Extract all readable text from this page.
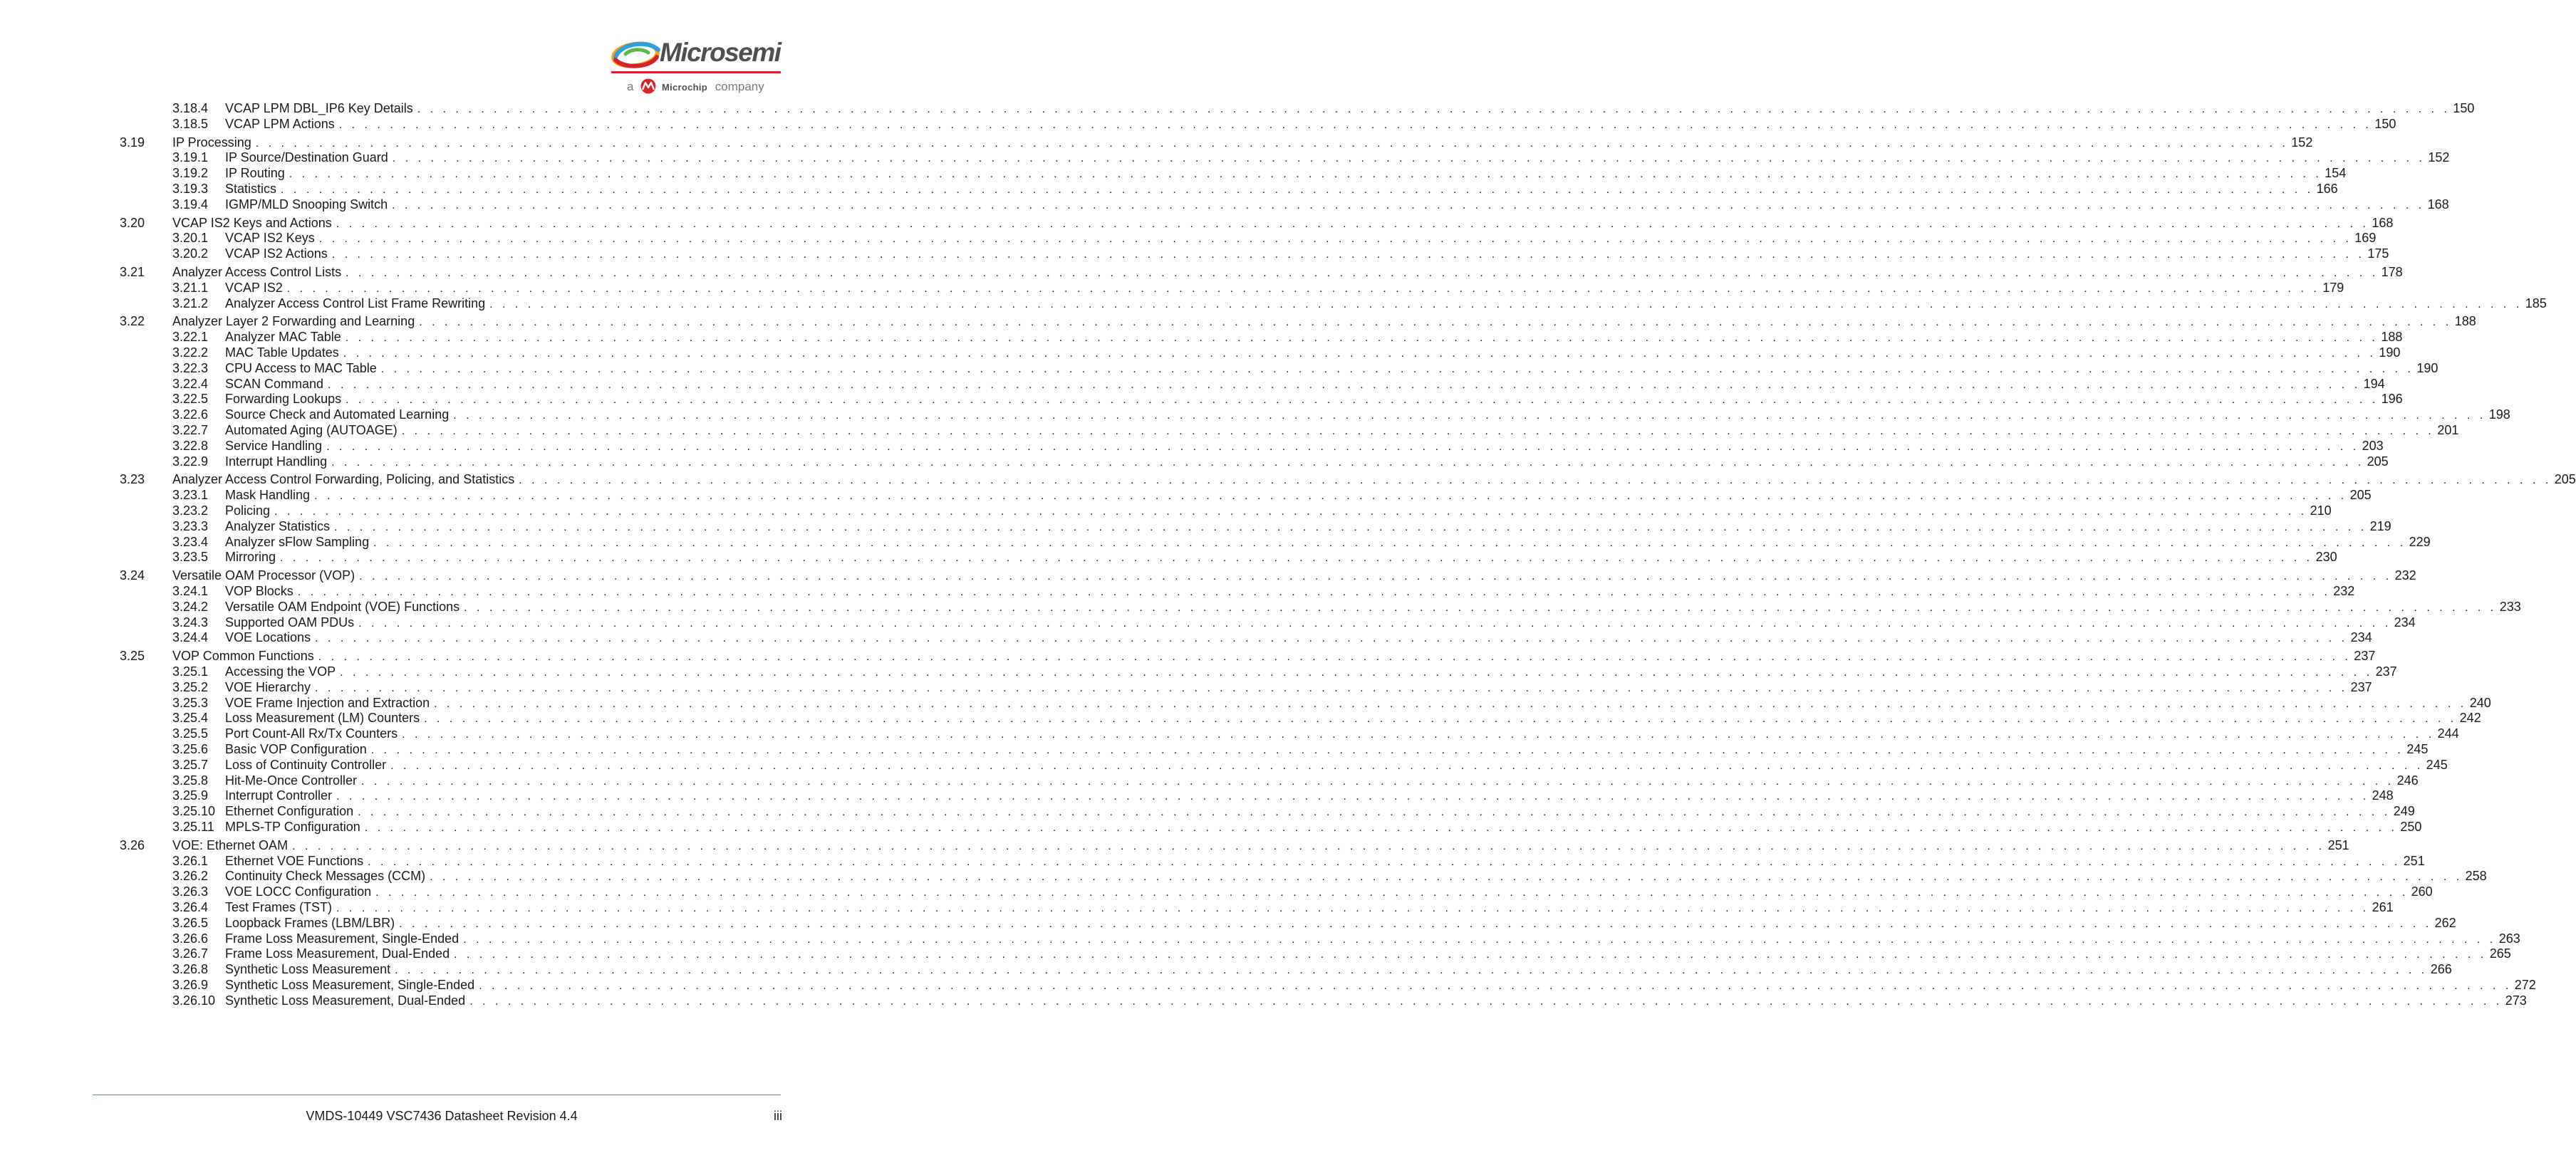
Microsemi
a	Microchip company
3.18.4 VCAP LPM DBL_IP6 Key Details . . . . . . . . . . . . . . . . . . . . . . . . . . . . . . . . . . . . . . . . . . . . . . . . . . . . . . . . . . . . . . . . . . . . . . . . . . . . . . . . . . . . . . . . . . . . . . . . . . . . . . . . . . . . . . . . . . . . . . . . . . . . . . . . . . . . . . . . . . . . . . . . . . . . . . . . . . . . . . . . 150
3.18.5 VCAP LPM Actions . . . . . . . . . . . . . . . . . . . . . . . . . . . . . . . . . . . . . . . . . . . . . . . . . . . . . . . . . . . . . . . . . . . . . . . . . . . . . . . . . . . . . . . . . . . . . . . . . . . . . . . . . . . . . . . . . . . . . . . . . . . . . . . . . . . . . . . . . . . . . . . . . . . . . . . . . . . . . . . . 150
3.19 IP Processing . . . . . . . . . . . . . . . . . . . . . . . . . . . . . . . . . . . . . . . . . . . . . . . . . . . . . . . . . . . . . . . . . . . . . . . . . . . . . . . . . . . . . . . . . . . . . . . . . . . . . . . . . . . . . . . . . . . . . . . . . . . . . . . . . . . . . . . . . . . . . . . . . . . . . . . . . . . . . . . . 152
3.19.1 IP Source/Destination Guard . . . . . . . . . . . . . . . . . . . . . . . . . . . . . . . . . . . . . . . . . . . . . . . . . . . . . . . . . . . . . . . . . . . . . . . . . . . . . . . . . . . . . . . . . . . . . . . . . . . . . . . . . . . . . . . . . . . . . . . . . . . . . . . . . . . . . . . . . . . . . . . . . . . . . . . . . . . . . . . . 152
3.19.2 IP Routing . . . . . . . . . . . . . . . . . . . . . . . . . . . . . . . . . . . . . . . . . . . . . . . . . . . . . . . . . . . . . . . . . . . . . . . . . . . . . . . . . . . . . . . . . . . . . . . . . . . . . . . . . . . . . . . . . . . . . . . . . . . . . . . . . . . . . . . . . . . . . . . . . . . . . . . . . . . . . . . . 154
3.19.3 Statistics . . . . . . . . . . . . . . . . . . . . . . . . . . . . . . . . . . . . . . . . . . . . . . . . . . . . . . . . . . . . . . . . . . . . . . . . . . . . . . . . . . . . . . . . . . . . . . . . . . . . . . . . . . . . . . . . . . . . . . . . . . . . . . . . . . . . . . . . . . . . . . . . . . . . . . . . . . . . . . . . 166
3.19.4 IGMP/MLD Snooping Switch . . . . . . . . . . . . . . . . . . . . . . . . . . . . . . . . . . . . . . . . . . . . . . . . . . . . . . . . . . . . . . . . . . . . . . . . . . . . . . . . . . . . . . . . . . . . . . . . . . . . . . . . . . . . . . . . . . . . . . . . . . . . . . . . . . . . . . . . . . . . . . . . . . . . . . . . . . . . . . . . 168
3.20 VCAP IS2 Keys and Actions . . . . . . . . . . . . . . . . . . . . . . . . . . . . . . . . . . . . . . . . . . . . . . . . . . . . . . . . . . . . . . . . . . . . . . . . . . . . . . . . . . . . . . . . . . . . . . . . . . . . . . . . . . . . . . . . . . . . . . . . . . . . . . . . . . . . . . . . . . . . . . . . . . . . . . . . . . . . . . . . 168
3.20.1 VCAP IS2 Keys . . . . . . . . . . . . . . . . . . . . . . . . . . . . . . . . . . . . . . . . . . . . . . . . . . . . . . . . . . . . . . . . . . . . . . . . . . . . . . . . . . . . . . . . . . . . . . . . . . . . . . . . . . . . . . . . . . . . . . . . . . . . . . . . . . . . . . . . . . . . . . . . . . . . . . . . . . . . . . . . 169
3.20.2 VCAP IS2 Actions . . . . . . . . . . . . . . . . . . . . . . . . . . . . . . . . . . . . . . . . . . . . . . . . . . . . . . . . . . . . . . . . . . . . . . . . . . . . . . . . . . . . . . . . . . . . . . . . . . . . . . . . . . . . . . . . . . . . . . . . . . . . . . . . . . . . . . . . . . . . . . . . . . . . . . . . . . . . . . . . 175
3.21 Analyzer Access Control Lists . . . . . . . . . . . . . . . . . . . . . . . . . . . . . . . . . . . . . . . . . . . . . . . . . . . . . . . . . . . . . . . . . . . . . . . . . . . . . . . . . . . . . . . . . . . . . . . . . . . . . . . . . . . . . . . . . . . . . . . . . . . . . . . . . . . . . . . . . . . . . . . . . . . . . . . . . . . . . . . . 178
3.21.1 VCAP IS2 . . . . . . . . . . . . . . . . . . . . . . . . . . . . . . . . . . . . . . . . . . . . . . . . . . . . . . . . . . . . . . . . . . . . . . . . . . . . . . . . . . . . . . . . . . . . . . . . . . . . . . . . . . . . . . . . . . . . . . . . . . . . . . . . . . . . . . . . . . . . . . . . . . . . . . . . . . . . . . . . 179
3.21.2 Analyzer Access Control List Frame Rewriting . . . . . . . . . . . . . . . . . . . . . . . . . . . . . . . . . . . . . . . . . . . . . . . . . . . . . . . . . . . . . . . . . . . . . . . . . . . . . . . . . . . . . . . . . . . . . . . . . . . . . . . . . . . . . . . . . . . . . . . . . . . . . . . . . . . . . . . . . . . . . . . . . . . . . . . . . . . . . . . . 185
3.22 Analyzer Layer 2 Forwarding and Learning . . . . . . . . . . . . . . . . . . . . . . . . . . . . . . . . . . . . . . . . . . . . . . . . . . . . . . . . . . . . . . . . . . . . . . . . . . . . . . . . . . . . . . . . . . . . . . . . . . . . . . . . . . . . . . . . . . . . . . . . . . . . . . . . . . . . . . . . . . . . . . . . . . . . . . . . . . . . . . . . 188
3.22.1 Analyzer MAC Table . . . . . . . . . . . . . . . . . . . . . . . . . . . . . . . . . . . . . . . . . . . . . . . . . . . . . . . . . . . . . . . . . . . . . . . . . . . . . . . . . . . . . . . . . . . . . . . . . . . . . . . . . . . . . . . . . . . . . . . . . . . . . . . . . . . . . . . . . . . . . . . . . . . . . . . . . . . . . . . . 188
3.22.2 MAC Table Updates . . . . . . . . . . . . . . . . . . . . . . . . . . . . . . . . . . . . . . . . . . . . . . . . . . . . . . . . . . . . . . . . . . . . . . . . . . . . . . . . . . . . . . . . . . . . . . . . . . . . . . . . . . . . . . . . . . . . . . . . . . . . . . . . . . . . . . . . . . . . . . . . . . . . . . . . . . . . . . . . 190
3.22.3 CPU Access to MAC Table . . . . . . . . . . . . . . . . . . . . . . . . . . . . . . . . . . . . . . . . . . . . . . . . . . . . . . . . . . . . . . . . . . . . . . . . . . . . . . . . . . . . . . . . . . . . . . . . . . . . . . . . . . . . . . . . . . . . . . . . . . . . . . . . . . . . . . . . . . . . . . . . . . . . . . . . . . . . . . . . 190
3.22.4 SCAN Command . . . . . . . . . . . . . . . . . . . . . . . . . . . . . . . . . . . . . . . . . . . . . . . . . . . . . . . . . . . . . . . . . . . . . . . . . . . . . . . . . . . . . . . . . . . . . . . . . . . . . . . . . . . . . . . . . . . . . . . . . . . . . . . . . . . . . . . . . . . . . . . . . . . . . . . . . . . . . . . . 194
3.22.5 Forwarding Lookups . . . . . . . . . . . . . . . . . . . . . . . . . . . . . . . . . . . . . . . . . . . . . . . . . . . . . . . . . . . . . . . . . . . . . . . . . . . . . . . . . . . . . . . . . . . . . . . . . . . . . . . . . . . . . . . . . . . . . . . . . . . . . . . . . . . . . . . . . . . . . . . . . . . . . . . . . . . . . . . . 196
3.22.6 Source Check and Automated Learning . . . . . . . . . . . . . . . . . . . . . . . . . . . . . . . . . . . . . . . . . . . . . . . . . . . . . . . . . . . . . . . . . . . . . . . . . . . . . . . . . . . . . . . . . . . . . . . . . . . . . . . . . . . . . . . . . . . . . . . . . . . . . . . . . . . . . . . . . . . . . . . . . . . . . . . . . . . . . . . . 198
3.22.7 Automated Aging (AUTOAGE) . . . . . . . . . . . . . . . . . . . . . . . . . . . . . . . . . . . . . . . . . . . . . . . . . . . . . . . . . . . . . . . . . . . . . . . . . . . . . . . . . . . . . . . . . . . . . . . . . . . . . . . . . . . . . . . . . . . . . . . . . . . . . . . . . . . . . . . . . . . . . . . . . . . . . . . . . . . . . . . . 201
3.22.8 Service Handling . . . . . . . . . . . . . . . . . . . . . . . . . . . . . . . . . . . . . . . . . . . . . . . . . . . . . . . . . . . . . . . . . . . . . . . . . . . . . . . . . . . . . . . . . . . . . . . . . . . . . . . . . . . . . . . . . . . . . . . . . . . . . . . . . . . . . . . . . . . . . . . . . . . . . . . . . . . . . . . . 203
3.22.9 Interrupt Handling . . . . . . . . . . . . . . . . . . . . . . . . . . . . . . . . . . . . . . . . . . . . . . . . . . . . . . . . . . . . . . . . . . . . . . . . . . . . . . . . . . . . . . . . . . . . . . . . . . . . . . . . . . . . . . . . . . . . . . . . . . . . . . . . . . . . . . . . . . . . . . . . . . . . . . . . . . . . . . . . 205
3.23 Analyzer Access Control Forwarding, Policing, and Statistics . . . . . . . . . . . . . . . . . . . . . . . . . . . . . . . . . . . . . . . . . . . . . . . . . . . . . . . . . . . . . . . . . . . . . . . . . . . . . . . . . . . . . . . . . . . . . . . . . . . . . . . . . . . . . . . . . . . . . . . . . . . . . . . . . . . . . . . . . . . . . . . . . . . . . . . . . . . . . . . . 205
3.23.1 Mask Handling . . . . . . . . . . . . . . . . . . . . . . . . . . . . . . . . . . . . . . . . . . . . . . . . . . . . . . . . . . . . . . . . . . . . . . . . . . . . . . . . . . . . . . . . . . . . . . . . . . . . . . . . . . . . . . . . . . . . . . . . . . . . . . . . . . . . . . . . . . . . . . . . . . . . . . . . . . . . . . . . 205
3.23.2 Policing . . . . . . . . . . . . . . . . . . . . . . . . . . . . . . . . . . . . . . . . . . . . . . . . . . . . . . . . . . . . . . . . . . . . . . . . . . . . . . . . . . . . . . . . . . . . . . . . . . . . . . . . . . . . . . . . . . . . . . . . . . . . . . . . . . . . . . . . . . . . . . . . . . . . . . . . . . . . . . . . 210
3.23.3 Analyzer Statistics . . . . . . . . . . . . . . . . . . . . . . . . . . . . . . . . . . . . . . . . . . . . . . . . . . . . . . . . . . . . . . . . . . . . . . . . . . . . . . . . . . . . . . . . . . . . . . . . . . . . . . . . . . . . . . . . . . . . . . . . . . . . . . . . . . . . . . . . . . . . . . . . . . . . . . . . . . . . . . . . 219
3.23.4 Analyzer sFlow Sampling . . . . . . . . . . . . . . . . . . . . . . . . . . . . . . . . . . . . . . . . . . . . . . . . . . . . . . . . . . . . . . . . . . . . . . . . . . . . . . . . . . . . . . . . . . . . . . . . . . . . . . . . . . . . . . . . . . . . . . . . . . . . . . . . . . . . . . . . . . . . . . . . . . . . . . . . . . . . . . . . 229
3.23.5 Mirroring . . . . . . . . . . . . . . . . . . . . . . . . . . . . . . . . . . . . . . . . . . . . . . . . . . . . . . . . . . . . . . . . . . . . . . . . . . . . . . . . . . . . . . . . . . . . . . . . . . . . . . . . . . . . . . . . . . . . . . . . . . . . . . . . . . . . . . . . . . . . . . . . . . . . . . . . . . . . . . . . 230
3.24 Versatile OAM Processor (VOP) . . . . . . . . . . . . . . . . . . . . . . . . . . . . . . . . . . . . . . . . . . . . . . . . . . . . . . . . . . . . . . . . . . . . . . . . . . . . . . . . . . . . . . . . . . . . . . . . . . . . . . . . . . . . . . . . . . . . . . . . . . . . . . . . . . . . . . . . . . . . . . . . . . . . . . . . . . . . . . . . 232
3.24.1 VOP Blocks . . . . . . . . . . . . . . . . . . . . . . . . . . . . . . . . . . . . . . . . . . . . . . . . . . . . . . . . . . . . . . . . . . . . . . . . . . . . . . . . . . . . . . . . . . . . . . . . . . . . . . . . . . . . . . . . . . . . . . . . . . . . . . . . . . . . . . . . . . . . . . . . . . . . . . . . . . . . . . . . 232
3.24.2 Versatile OAM Endpoint (VOE) Functions . . . . . . . . . . . . . . . . . . . . . . . . . . . . . . . . . . . . . . . . . . . . . . . . . . . . . . . . . . . . . . . . . . . . . . . . . . . . . . . . . . . . . . . . . . . . . . . . . . . . . . . . . . . . . . . . . . . . . . . . . . . . . . . . . . . . . . . . . . . . . . . . . . . . . . . . . . . . . . . . 233
3.24.3 Supported OAM PDUs . . . . . . . . . . . . . . . . . . . . . . . . . . . . . . . . . . . . . . . . . . . . . . . . . . . . . . . . . . . . . . . . . . . . . . . . . . . . . . . . . . . . . . . . . . . . . . . . . . . . . . . . . . . . . . . . . . . . . . . . . . . . . . . . . . . . . . . . . . . . . . . . . . . . . . . . . . . . . . . . 234
3.24.4 VOE Locations . . . . . . . . . . . . . . . . . . . . . . . . . . . . . . . . . . . . . . . . . . . . . . . . . . . . . . . . . . . . . . . . . . . . . . . . . . . . . . . . . . . . . . . . . . . . . . . . . . . . . . . . . . . . . . . . . . . . . . . . . . . . . . . . . . . . . . . . . . . . . . . . . . . . . . . . . . . . . . . . 234
3.25 VOP Common Functions . . . . . . . . . . . . . . . . . . . . . . . . . . . . . . . . . . . . . . . . . . . . . . . . . . . . . . . . . . . . . . . . . . . . . . . . . . . . . . . . . . . . . . . . . . . . . . . . . . . . . . . . . . . . . . . . . . . . . . . . . . . . . . . . . . . . . . . . . . . . . . . . . . . . . . . . . . . . . . . . 237
3.25.1 Accessing the VOP . . . . . . . . . . . . . . . . . . . . . . . . . . . . . . . . . . . . . . . . . . . . . . . . . . . . . . . . . . . . . . . . . . . . . . . . . . . . . . . . . . . . . . . . . . . . . . . . . . . . . . . . . . . . . . . . . . . . . . . . . . . . . . . . . . . . . . . . . . . . . . . . . . . . . . . . . . . . . . . . 237
3.25.2 VOE Hierarchy . . . . . . . . . . . . . . . . . . . . . . . . . . . . . . . . . . . . . . . . . . . . . . . . . . . . . . . . . . . . . . . . . . . . . . . . . . . . . . . . . . . . . . . . . . . . . . . . . . . . . . . . . . . . . . . . . . . . . . . . . . . . . . . . . . . . . . . . . . . . . . . . . . . . . . . . . . . . . . . . 237
3.25.3 VOE Frame Injection and Extraction . . . . . . . . . . . . . . . . . . . . . . . . . . . . . . . . . . . . . . . . . . . . . . . . . . . . . . . . . . . . . . . . . . . . . . . . . . . . . . . . . . . . . . . . . . . . . . . . . . . . . . . . . . . . . . . . . . . . . . . . . . . . . . . . . . . . . . . . . . . . . . . . . . . . . . . . . . . . . . . . 240
3.25.4 Loss Measurement (LM) Counters . . . . . . . . . . . . . . . . . . . . . . . . . . . . . . . . . . . . . . . . . . . . . . . . . . . . . . . . . . . . . . . . . . . . . . . . . . . . . . . . . . . . . . . . . . . . . . . . . . . . . . . . . . . . . . . . . . . . . . . . . . . . . . . . . . . . . . . . . . . . . . . . . . . . . . . . . . . . . . . . 242
3.25.5 Port Count-All Rx/Tx Counters . . . . . . . . . . . . . . . . . . . . . . . . . . . . . . . . . . . . . . . . . . . . . . . . . . . . . . . . . . . . . . . . . . . . . . . . . . . . . . . . . . . . . . . . . . . . . . . . . . . . . . . . . . . . . . . . . . . . . . . . . . . . . . . . . . . . . . . . . . . . . . . . . . . . . . . . . . . . . . . . 244
3.25.6 Basic VOP Configuration . . . . . . . . . . . . . . . . . . . . . . . . . . . . . . . . . . . . . . . . . . . . . . . . . . . . . . . . . . . . . . . . . . . . . . . . . . . . . . . . . . . . . . . . . . . . . . . . . . . . . . . . . . . . . . . . . . . . . . . . . . . . . . . . . . . . . . . . . . . . . . . . . . . . . . . . . . . . . . . . 245
3.25.7 Loss of Continuity Controller . . . . . . . . . . . . . . . . . . . . . . . . . . . . . . . . . . . . . . . . . . . . . . . . . . . . . . . . . . . . . . . . . . . . . . . . . . . . . . . . . . . . . . . . . . . . . . . . . . . . . . . . . . . . . . . . . . . . . . . . . . . . . . . . . . . . . . . . . . . . . . . . . . . . . . . . . . . . . . . . 245
3.25.8 Hit-Me-Once Controller . . . . . . . . . . . . . . . . . . . . . . . . . . . . . . . . . . . . . . . . . . . . . . . . . . . . . . . . . . . . . . . . . . . . . . . . . . . . . . . . . . . . . . . . . . . . . . . . . . . . . . . . . . . . . . . . . . . . . . . . . . . . . . . . . . . . . . . . . . . . . . . . . . . . . . . . . . . . . . . . 246
3.25.9 Interrupt Controller . . . . . . . . . . . . . . . . . . . . . . . . . . . . . . . . . . . . . . . . . . . . . . . . . . . . . . . . . . . . . . . . . . . . . . . . . . . . . . . . . . . . . . . . . . . . . . . . . . . . . . . . . . . . . . . . . . . . . . . . . . . . . . . . . . . . . . . . . . . . . . . . . . . . . . . . . . . . . . . . 248
3.25.10 Ethernet Configuration . . . . . . . . . . . . . . . . . . . . . . . . . . . . . . . . . . . . . . . . . . . . . . . . . . . . . . . . . . . . . . . . . . . . . . . . . . . . . . . . . . . . . . . . . . . . . . . . . . . . . . . . . . . . . . . . . . . . . . . . . . . . . . . . . . . . . . . . . . . . . . . . . . . . . . . . . . . . . . . . 249
3.25.11 MPLS-TP Configuration . . . . . . . . . . . . . . . . . . . . . . . . . . . . . . . . . . . . . . . . . . . . . . . . . . . . . . . . . . . . . . . . . . . . . . . . . . . . . . . . . . . . . . . . . . . . . . . . . . . . . . . . . . . . . . . . . . . . . . . . . . . . . . . . . . . . . . . . . . . . . . . . . . . . . . . . . . . . . . . . 250
3.26 VOE: Ethernet OAM . . . . . . . . . . . . . . . . . . . . . . . . . . . . . . . . . . . . . . . . . . . . . . . . . . . . . . . . . . . . . . . . . . . . . . . . . . . . . . . . . . . . . . . . . . . . . . . . . . . . . . . . . . . . . . . . . . . . . . . . . . . . . . . . . . . . . . . . . . . . . . . . . . . . . . . . . . . . . . . . 251
3.26.1 Ethernet VOE Functions . . . . . . . . . . . . . . . . . . . . . . . . . . . . . . . . . . . . . . . . . . . . . . . . . . . . . . . . . . . . . . . . . . . . . . . . . . . . . . . . . . . . . . . . . . . . . . . . . . . . . . . . . . . . . . . . . . . . . . . . . . . . . . . . . . . . . . . . . . . . . . . . . . . . . . . . . . . . . . . . 251
3.26.2 Continuity Check Messages (CCM) . . . . . . . . . . . . . . . . . . . . . . . . . . . . . . . . . . . . . . . . . . . . . . . . . . . . . . . . . . . . . . . . . . . . . . . . . . . . . . . . . . . . . . . . . . . . . . . . . . . . . . . . . . . . . . . . . . . . . . . . . . . . . . . . . . . . . . . . . . . . . . . . . . . . . . . . . . . . . . . . 258
3.26.3 VOE LOCC Configuration . . . . . . . . . . . . . . . . . . . . . . . . . . . . . . . . . . . . . . . . . . . . . . . . . . . . . . . . . . . . . . . . . . . . . . . . . . . . . . . . . . . . . . . . . . . . . . . . . . . . . . . . . . . . . . . . . . . . . . . . . . . . . . . . . . . . . . . . . . . . . . . . . . . . . . . . . . . . . . . . 260
3.26.4 Test Frames (TST) . . . . . . . . . . . . . . . . . . . . . . . . . . . . . . . . . . . . . . . . . . . . . . . . . . . . . . . . . . . . . . . . . . . . . . . . . . . . . . . . . . . . . . . . . . . . . . . . . . . . . . . . . . . . . . . . . . . . . . . . . . . . . . . . . . . . . . . . . . . . . . . . . . . . . . . . . . . . . . . . 261
3.26.5 Loopback Frames (LBM/LBR) . . . . . . . . . . . . . . . . . . . . . . . . . . . . . . . . . . . . . . . . . . . . . . . . . . . . . . . . . . . . . . . . . . . . . . . . . . . . . . . . . . . . . . . . . . . . . . . . . . . . . . . . . . . . . . . . . . . . . . . . . . . . . . . . . . . . . . . . . . . . . . . . . . . . . . . . . . . . . . . . 262
3.26.6 Frame Loss Measurement, Single-Ended . . . . . . . . . . . . . . . . . . . . . . . . . . . . . . . . . . . . . . . . . . . . . . . . . . . . . . . . . . . . . . . . . . . . . . . . . . . . . . . . . . . . . . . . . . . . . . . . . . . . . . . . . . . . . . . . . . . . . . . . . . . . . . . . . . . . . . . . . . . . . . . . . . . . . . . . . . . . . . . . 263
3.26.7 Frame Loss Measurement, Dual-Ended . . . . . . . . . . . . . . . . . . . . . . . . . . . . . . . . . . . . . . . . . . . . . . . . . . . . . . . . . . . . . . . . . . . . . . . . . . . . . . . . . . . . . . . . . . . . . . . . . . . . . . . . . . . . . . . . . . . . . . . . . . . . . . . . . . . . . . . . . . . . . . . . . . . . . . . . . . . . . . . . 265
3.26.8 Synthetic Loss Measurement . . . . . . . . . . . . . . . . . . . . . . . . . . . . . . . . . . . . . . . . . . . . . . . . . . . . . . . . . . . . . . . . . . . . . . . . . . . . . . . . . . . . . . . . . . . . . . . . . . . . . . . . . . . . . . . . . . . . . . . . . . . . . . . . . . . . . . . . . . . . . . . . . . . . . . . . . . . . . . . . 266
3.26.9 Synthetic Loss Measurement, Single-Ended . . . . . . . . . . . . . . . . . . . . . . . . . . . . . . . . . . . . . . . . . . . . . . . . . . . . . . . . . . . . . . . . . . . . . . . . . . . . . . . . . . . . . . . . . . . . . . . . . . . . . . . . . . . . . . . . . . . . . . . . . . . . . . . . . . . . . . . . . . . . . . . . . . . . . . . . . . . . . . . . 272
3.26.10 Synthetic Loss Measurement, Dual-Ended . . . . . . . . . . . . . . . . . . . . . . . . . . . . . . . . . . . . . . . . . . . . . . . . . . . . . . . . . . . . . . . . . . . . . . . . . . . . . . . . . . . . . . . . . . . . . . . . . . . . . . . . . . . . . . . . . . . . . . . . . . . . . . . . . . . . . . . . . . . . . . . . . . . . . . . . . . . . . . . . 273
VMDS-10449 VSC7436 Datasheet Revision 4.4	iii
